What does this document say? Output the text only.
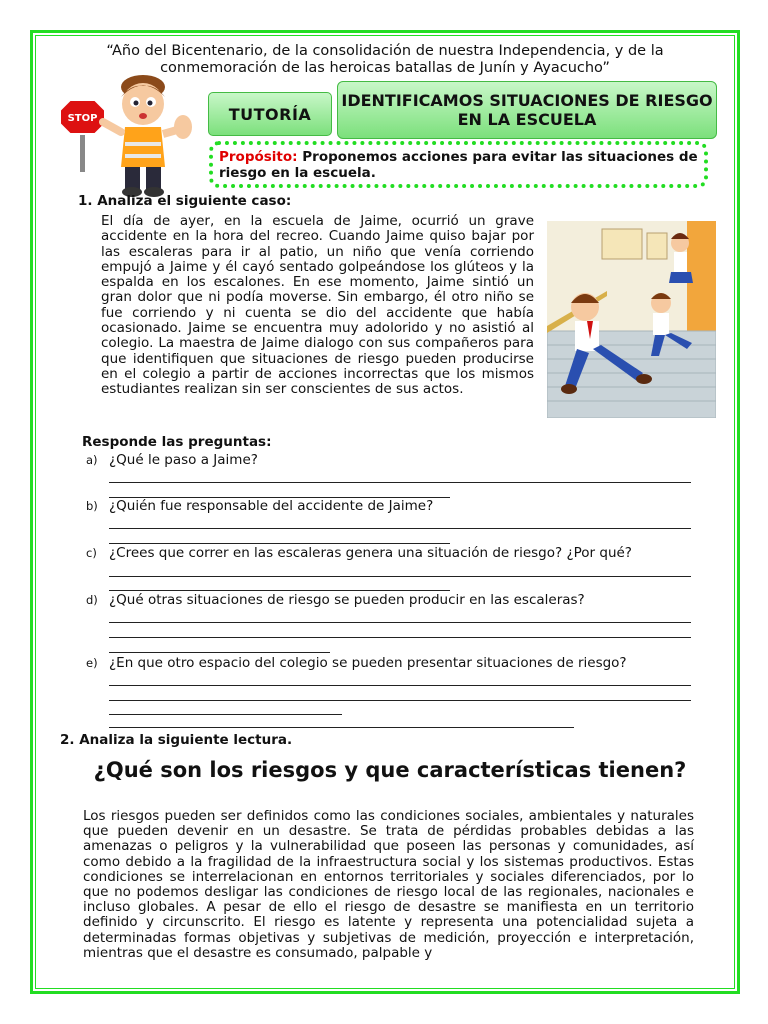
“Año del Bicentenario, de la consolidación de nuestra Independencia, y de la conmemoración de las heroicas batallas de Junín y Ayacucho”
STOP	TUTORÍA
IDENTIFICAMOS SITUACIONES DE RIESGO EN LA ESCUELA
Propósito: Proponemos acciones para evitar las situaciones de riesgo en la escuela.
1. Analiza el siguiente caso:
El día de ayer, en la escuela de Jaime, ocurrió un grave accidente en la hora del recreo. Cuando Jaime quiso bajar por las escaleras para ir al patio, un niño que venía corriendo empujó a Jaime y él cayó sentado golpeándose los glúteos y la espalda en los escalones. En ese momento, Jaime sintió un gran dolor que ni podía moverse. Sin embargo, él otro niño se fue corriendo y ni cuenta se dio del accidente que había ocasionado. Jaime se encuentra muy adolorido y no asistió al colegio. La maestra de Jaime dialogo con sus compañeros para que identifiquen que situaciones de riesgo pueden producirse en el colegio a partir de acciones incorrectas que los mismos estudiantes realizan sin ser conscientes de sus actos.
Responde las preguntas:
a) ¿Qué le paso a Jaime?
b) ¿Quién fue responsable del accidente de Jaime?
c) ¿Crees que correr en las escaleras genera una situación de riesgo? ¿Por qué?
d) ¿Qué otras situaciones de riesgo se pueden producir en las escaleras?
e) ¿En que otro espacio del colegio se pueden presentar situaciones de riesgo?
2. Analiza la siguiente lectura.
¿Qué son los riesgos y que características tienen?
Los riesgos pueden ser definidos como las condiciones sociales, ambientales y naturales que pueden devenir en un desastre. Se trata de pérdidas probables debidas a las amenazas o peligros y la vulnerabilidad que poseen las personas y comunidades, así como debido a la fragilidad de la infraestructura social y los sistemas productivos. Estas condiciones se interrelacionan en entornos territoriales y sociales diferenciados, por lo que no podemos desligar las condiciones de riesgo local de las regionales, nacionales e incluso globales. A pesar de ello el riesgo de desastre se manifiesta en un territorio definido y circunscrito. El riesgo es latente y representa una potencialidad sujeta a determinadas formas objetivas y subjetivas de medición, proyección e interpretación, mientras que el desastre es consumado, palpable y
